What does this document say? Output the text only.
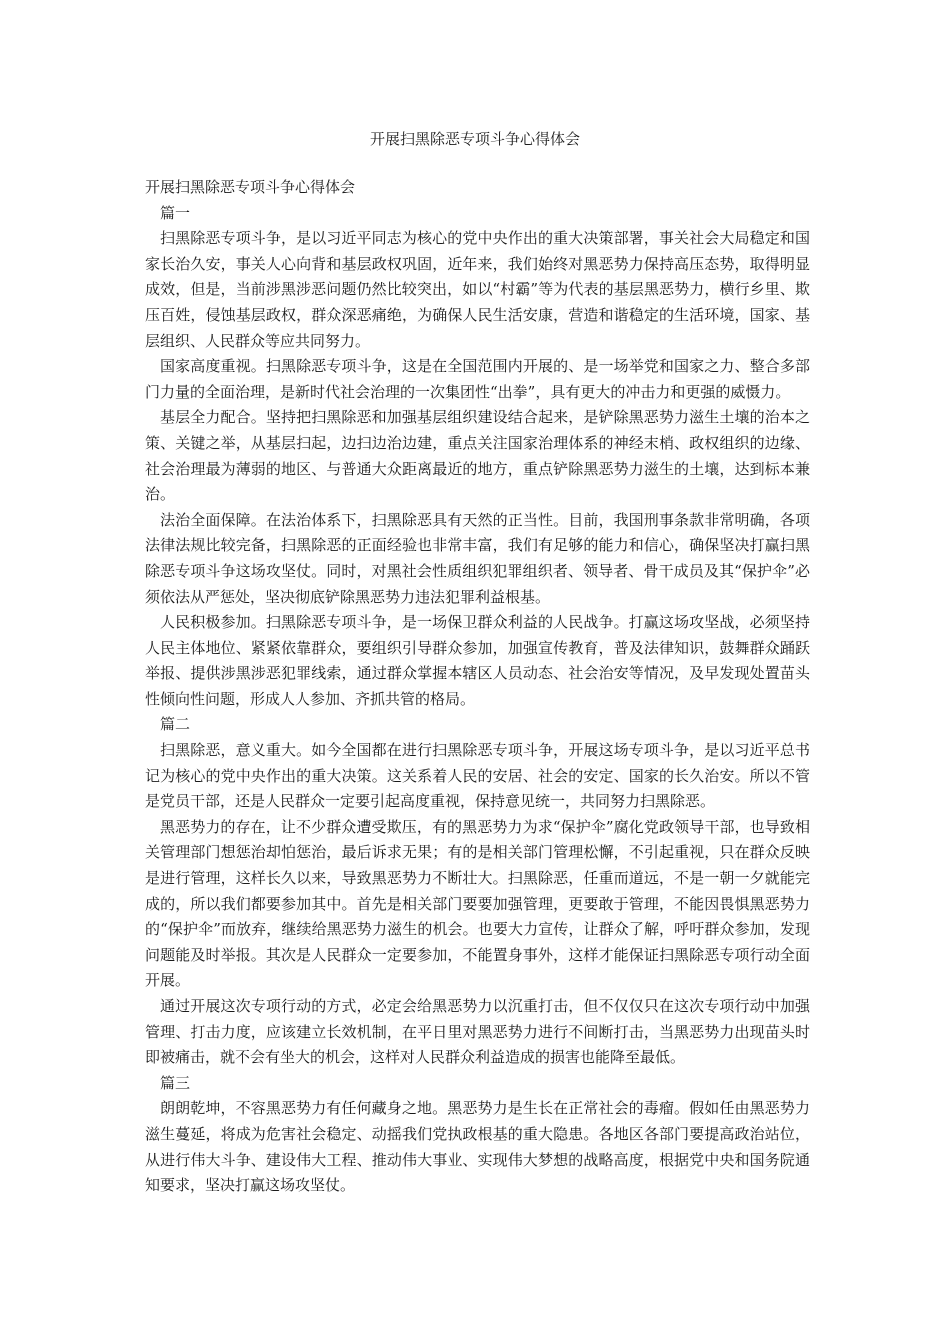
开展扫黑除恶专项斗争心得体会

开展扫黑除恶专项斗争心得体会

篇一

扫黑除恶专项斗争，是以习近平同志为核心的党中央作出的重大决策部署，事关社会大局稳定和国家长治久安，事关人心向背和基层政权巩固，近年来，我们始终对黑恶势力保持高压态势，取得明显成效，但是，当前涉黑涉恶问题仍然比较突出，如以“村霸”等为代表的基层黑恶势力，横行乡里、欺压百姓，侵蚀基层政权，群众深恶痛绝，为确保人民生活安康，营造和谐稳定的生活环境，国家、基层组织、人民群众等应共同努力。

国家高度重视。扫黑除恶专项斗争，这是在全国范围内开展的、是一场举党和国家之力、整合多部门力量的全面治理，是新时代社会治理的一次集团性“出拳”，具有更大的冲击力和更强的威慑力。

基层全力配合。坚持把扫黑除恶和加强基层组织建设结合起来，是铲除黑恶势力滋生土壤的治本之策、关键之举，从基层扫起，边扫边治边建，重点关注国家治理体系的神经末梢、政权组织的边缘、社会治理最为薄弱的地区、与普通大众距离最近的地方，重点铲除黑恶势力滋生的土壤，达到标本兼治。

法治全面保障。在法治体系下，扫黑除恶具有天然的正当性。目前，我国刑事条款非常明确，各项法律法规比较完备，扫黑除恶的正面经验也非常丰富，我们有足够的能力和信心，确保坚决打赢扫黑除恶专项斗争这场攻坚仗。同时，对黑社会性质组织犯罪组织者、领导者、骨干成员及其“保护伞”必须依法从严惩处，坚决彻底铲除黑恶势力违法犯罪利益根基。

人民积极参加。扫黑除恶专项斗争，是一场保卫群众利益的人民战争。打赢这场攻坚战，必须坚持人民主体地位、紧紧依靠群众，要组织引导群众参加，加强宣传教育，普及法律知识，鼓舞群众踊跃举报、提供涉黑涉恶犯罪线索，通过群众掌握本辖区人员动态、社会治安等情况，及早发现处置苗头性倾向性问题，形成人人参加、齐抓共管的格局。

篇二

扫黑除恶，意义重大。如今全国都在进行扫黑除恶专项斗争，开展这场专项斗争，是以习近平总书记为核心的党中央作出的重大决策。这关系着人民的安居、社会的安定、国家的长久治安。所以不管是党员干部，还是人民群众一定要引起高度重视，保持意见统一，共同努力扫黑除恶。

黑恶势力的存在，让不少群众遭受欺压，有的黑恶势力为求“保护伞”腐化党政领导干部，也导致相关管理部门想惩治却怕惩治，最后诉求无果；有的是相关部门管理松懈，不引起重视，只在群众反映是进行管理，这样长久以来，导致黑恶势力不断壮大。扫黑除恶，任重而道远，不是一朝一夕就能完成的，所以我们都要参加其中。首先是相关部门要要加强管理，更要敢于管理，不能因畏惧黑恶势力的“保护伞”而放弃，继续给黑恶势力滋生的机会。也要大力宣传，让群众了解，呼吁群众参加，发现问题能及时举报。其次是人民群众一定要参加，不能置身事外，这样才能保证扫黑除恶专项行动全面开展。

通过开展这次专项行动的方式，必定会给黑恶势力以沉重打击，但不仅仅只在这次专项行动中加强管理、打击力度，应该建立长效机制，在平日里对黑恶势力进行不间断打击，当黑恶势力出现苗头时即被痛击，就不会有坐大的机会，这样对人民群众利益造成的损害也能降至最低。

篇三

朗朗乾坤，不容黑恶势力有任何藏身之地。黑恶势力是生长在正常社会的毒瘤。假如任由黑恶势力滋生蔓延，将成为危害社会稳定、动摇我们党执政根基的重大隐患。各地区各部门要提高政治站位，从进行伟大斗争、建设伟大工程、推动伟大事业、实现伟大梦想的战略高度，根据党中央和国务院通知要求，坚决打赢这场攻坚仗。
